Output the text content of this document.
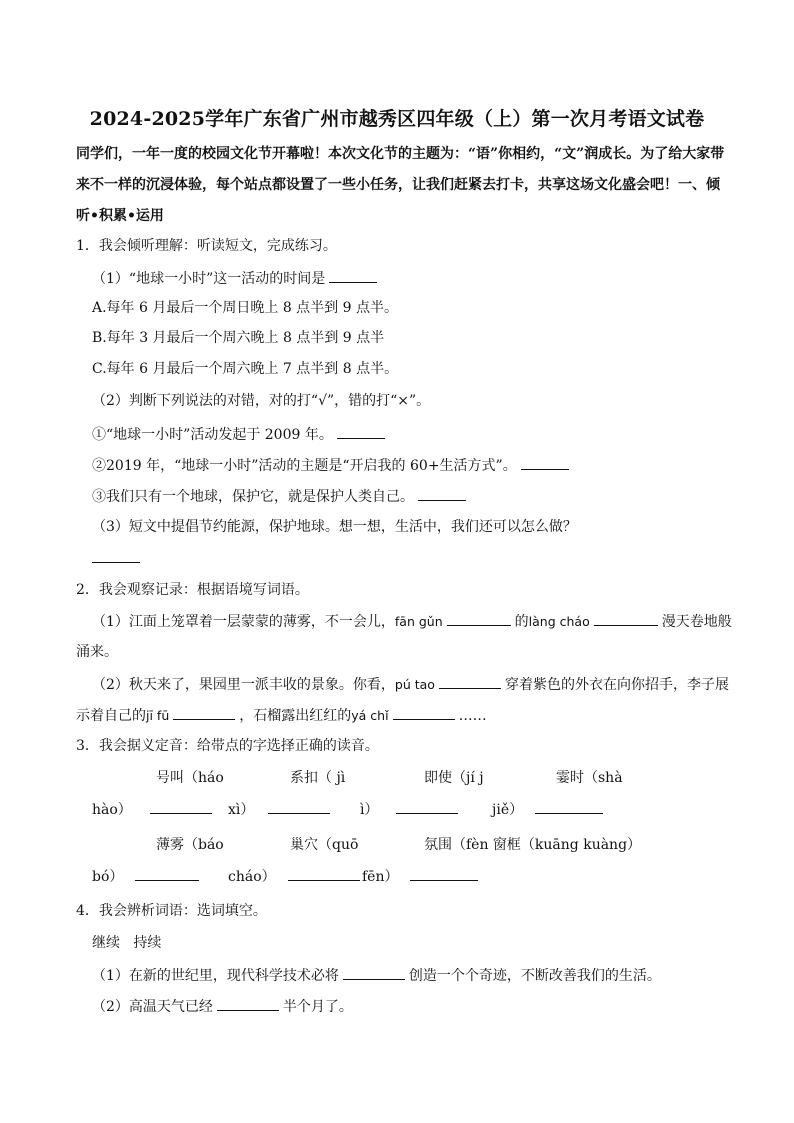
2024-2025学年广东省广州市越秀区四年级（上）第一次月考语文试卷
同学们，一年一度的校园文化节开幕啦！本次文化节的主题为：“语”你相约，“文”润成长。为了给大家带来不一样的沉浸体验，每个站点都设置了一些小任务，让我们赶紧去打卡，共享这场文化盛会吧！一、倾听•积累•运用
1．我会倾听理解：听读短文，完成练习。
（1）“地球一小时”这一活动的时间是
A.每年 6 月最后一个周日晚上 8 点半到 9 点半。
B.每年 3 月最后一个周六晚上 8 点半到 9 点半
C.每年 6 月最后一个周六晚上 7 点半到 8 点半。
（2）判断下列说法的对错，对的打“√”，错的打“×”。
①“地球一小时”活动发起于 2009 年。
②2019 年，“地球一小时”活动的主题是“开启我的 60+生活方式”。
③我们只有一个地球，保护它，就是保护人类自己。
（3）短文中提倡节约能源，保护地球。想一想，生活中，我们还可以怎么做？
2．我会观察记录：根据语境写词语。
（1）江面上笼罩着一层蒙蒙的薄雾，不一会儿，fān gǔn	的làng cháo	漫天卷地般
涌来。
（2）秋天来了，果园里一派丰收的景象。你看，pú tao	穿着紫色的外衣在向你招手，李子展
示着自己的jī fū	，石榴露出红红的yá chǐ	……
3．我会据义定音：给带点的字选择正确的读音。
号叫（háo	系扣（ jì	即使（jí j	霎时（shà
hào）	xì）	ì）	jiě）
薄雾（báo	巢穴（quō	氛围（fèn 窗框（kuāng kuàng）
bó）	cháo）	fēn）
4．我会辨析词语：选词填空。
继续   持续
（1）在新的世纪里，现代科学技术必将	创造一个个奇迹，不断改善我们的生活。
（2）高温天气已经	半个月了。
